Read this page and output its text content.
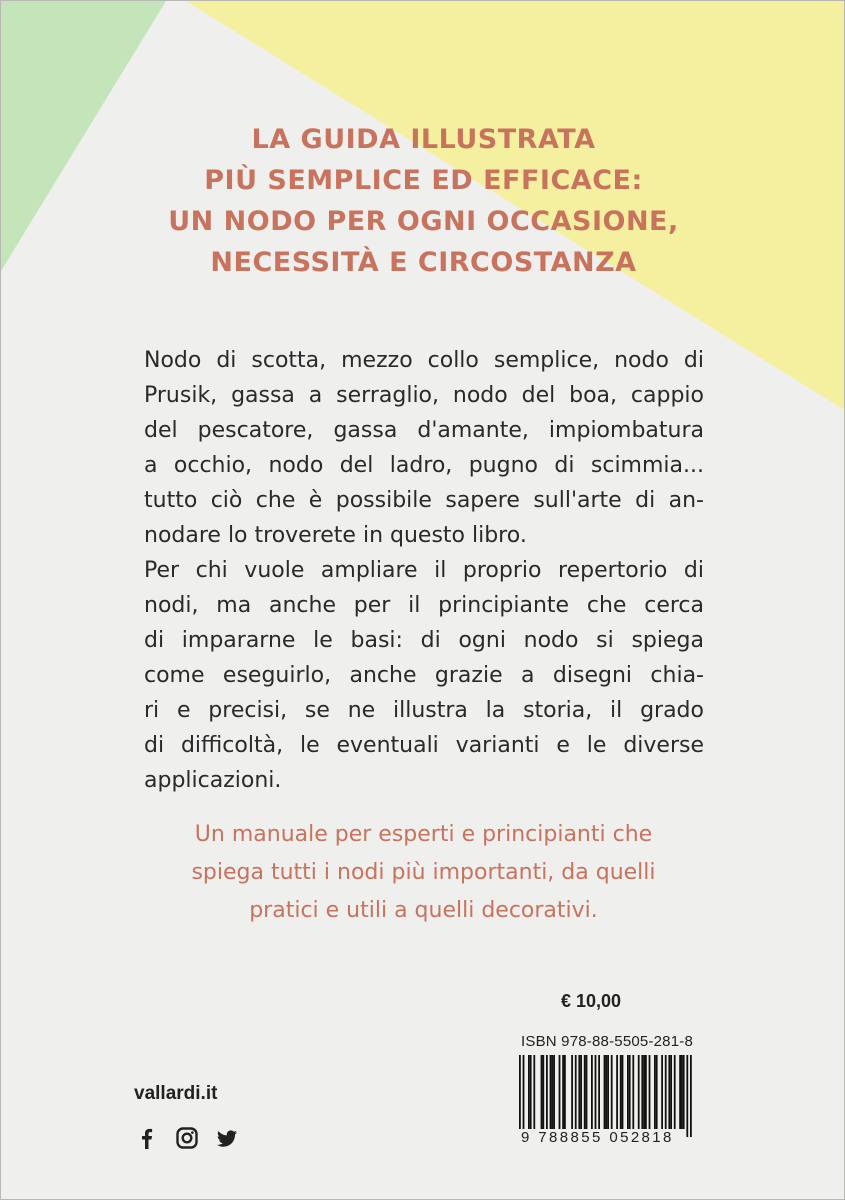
LA GUIDA ILLUSTRATA
PIÙ SEMPLICE ED EFFICACE:
UN NODO PER OGNI OCCASIONE,
NECESSITÀ E CIRCOSTANZA
Nodo di scotta, mezzo collo semplice, nodo di
Prusik, gassa a serraglio, nodo del boa, cappio
del pescatore, gassa d'amante, impiombatura
a occhio, nodo del ladro, pugno di scimmia...
tutto ciò che è possibile sapere sull'arte di an-
nodare lo troverete in questo libro.
Per chi vuole ampliare il proprio repertorio di
nodi, ma anche per il principiante che cerca
di impararne le basi: di ogni nodo si spiega
come eseguirlo, anche grazie a disegni chia-
ri e precisi, se ne illustra la storia, il grado
di difficoltà, le eventuali varianti e le diverse
applicazioni.
Un manuale per esperti e principianti che
spiega tutti i nodi più importanti, da quelli
pratici e utili a quelli decorativi.
€ 10,00
ISBN 978-88-5505-281-8
9 788855 052818
vallardi.it
